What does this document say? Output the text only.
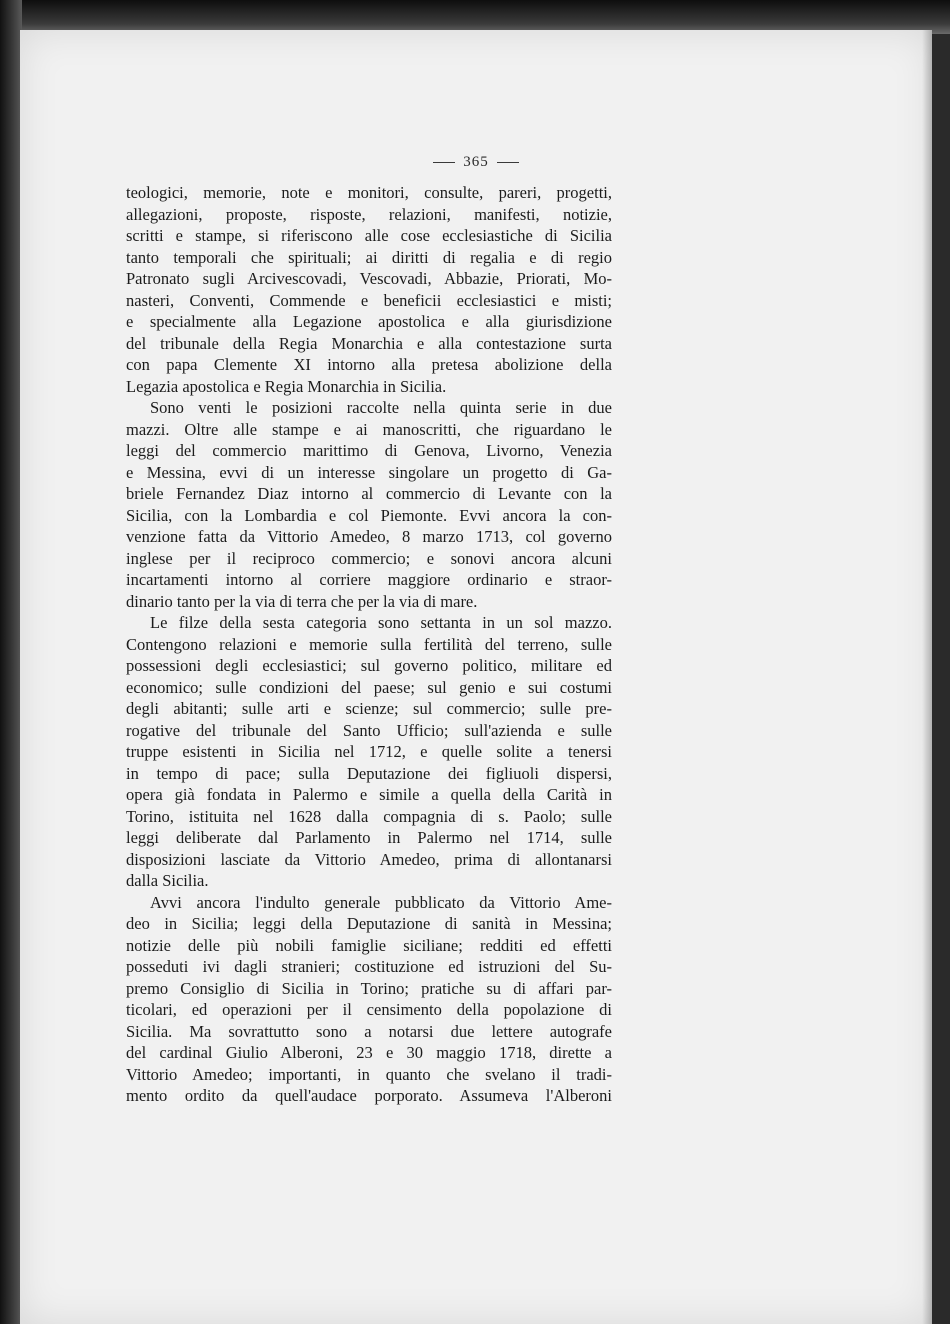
365
teologici, memorie, note e monitori, consulte, pareri, progetti,
allegazioni, proposte, risposte, relazioni, manifesti, notizie,
scritti e stampe, si riferiscono alle cose ecclesiastiche di Sicilia
tanto temporali che spirituali; ai diritti di regalia e di regio
Patronato sugli Arcivescovadi, Vescovadi, Abbazie, Priorati, Mo-
nasteri, Conventi, Commende e beneficii ecclesiastici e misti;
e specialmente alla Legazione apostolica e alla giurisdizione
del tribunale della Regia Monarchia e alla contestazione surta
con papa Clemente XI intorno alla pretesa abolizione della
Legazia apostolica e Regia Monarchia in Sicilia.
Sono venti le posizioni raccolte nella quinta serie in due
mazzi. Oltre alle stampe e ai manoscritti, che riguardano le
leggi del commercio marittimo di Genova, Livorno, Venezia
e Messina, evvi di un interesse singolare un progetto di Ga-
briele Fernandez Diaz intorno al commercio di Levante con la
Sicilia, con la Lombardia e col Piemonte. Evvi ancora la con-
venzione fatta da Vittorio Amedeo, 8 marzo 1713, col governo
inglese per il reciproco commercio; e sonovi ancora alcuni
incartamenti intorno al corriere maggiore ordinario e straor-
dinario tanto per la via di terra che per la via di mare.
Le filze della sesta categoria sono settanta in un sol mazzo.
Contengono relazioni e memorie sulla fertilità del terreno, sulle
possessioni degli ecclesiastici; sul governo politico, militare ed
economico; sulle condizioni del paese; sul genio e sui costumi
degli abitanti; sulle arti e scienze; sul commercio; sulle pre-
rogative del tribunale del Santo Ufficio; sull'azienda e sulle
truppe esistenti in Sicilia nel 1712, e quelle solite a tenersi
in tempo di pace; sulla Deputazione dei figliuoli dispersi,
opera già fondata in Palermo e simile a quella della Carità in
Torino, istituita nel 1628 dalla compagnia di s. Paolo; sulle
leggi deliberate dal Parlamento in Palermo nel 1714, sulle
disposizioni lasciate da Vittorio Amedeo, prima di allontanarsi
dalla Sicilia.
Avvi ancora l'indulto generale pubblicato da Vittorio Ame-
deo in Sicilia; leggi della Deputazione di sanità in Messina;
notizie delle più nobili famiglie siciliane; redditi ed effetti
posseduti ivi dagli stranieri; costituzione ed istruzioni del Su-
premo Consiglio di Sicilia in Torino; pratiche su di affari par-
ticolari, ed operazioni per il censimento della popolazione di
Sicilia. Ma sovrattutto sono a notarsi due lettere autografe
del cardinal Giulio Alberoni, 23 e 30 maggio 1718, dirette a
Vittorio Amedeo; importanti, in quanto che svelano il tradi-
mento ordito da quell'audace porporato. Assumeva l'Alberoni
